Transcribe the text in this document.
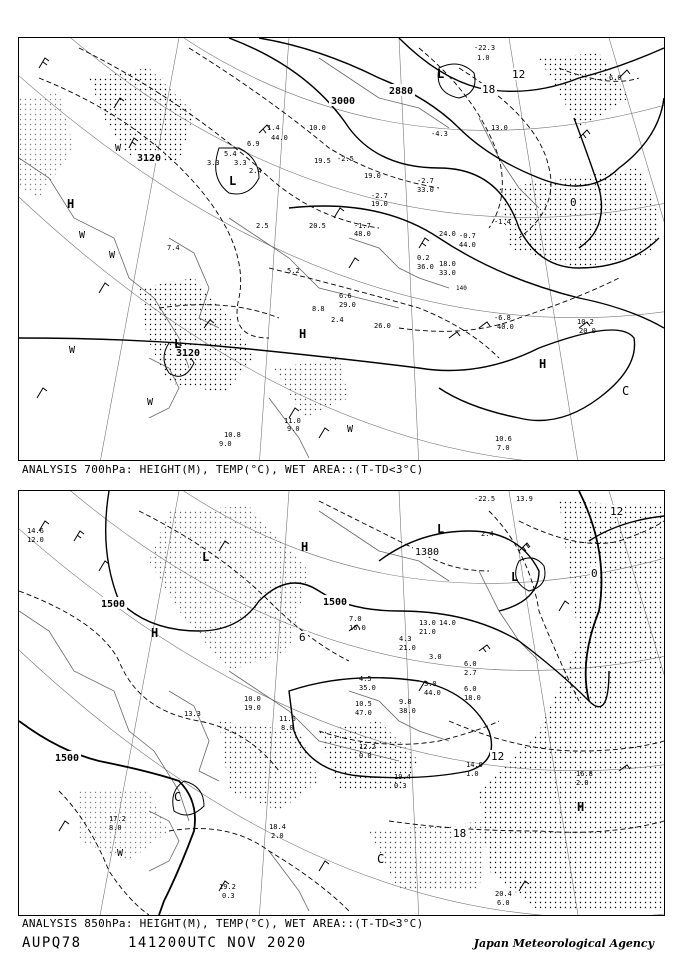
3000
2880
3120
3120
0
12
18
140
L
L
L
H
H
H
C
W
W
W
W
W
W
5.4
3.3 3.3
1.4
6.9
2.4
44.0
10.0
-4.3
13.0
19.5 -2.5
19.0
-2.7
33.0
-2.7
19.0
-1.7
48.0
0.2
36.0
2.5	20.5
7.4
5.2
6.6
29.0
8.8
2.4
26.0
18.0
-6.8
40.0
10.2
20.0
11.0
9.0
10.8
9.0
10.6
7.0
6.0
-22.3
1.0
-1.4
24.0
33.0
-0.7
44.0
ANALYSIS 700hPa: HEIGHT(M), TEMP(°C), WET AREA::(T-TD<3°C)
1500	1500
1500
1380
0
6
12
12
18
L
L
L
H
H
H
C
C
W
-22.5	13.9
2.4
3.0
6.0
2.7
3.0
44.0	6.0
18.0
9.8
38.0
4.5
35.0
10.5
47.0
12.2
0.0
19.4
0.3
14.0
1.0	16.8
2.0
20.4
6.0
17.2
8.0
13.3
11.6
8.0
21.0
4.3
21.0
7.0
16.0
13.0 14.0
14.6
12.0
18.4
2.0
19.2
0.3
10.0
19.0
ANALYSIS 850hPa: HEIGHT(M), TEMP(°C), WET AREA::(T-TD<3°C)
AUPQ78	141200UTC NOV 2020	Japan Meteorological Agency
